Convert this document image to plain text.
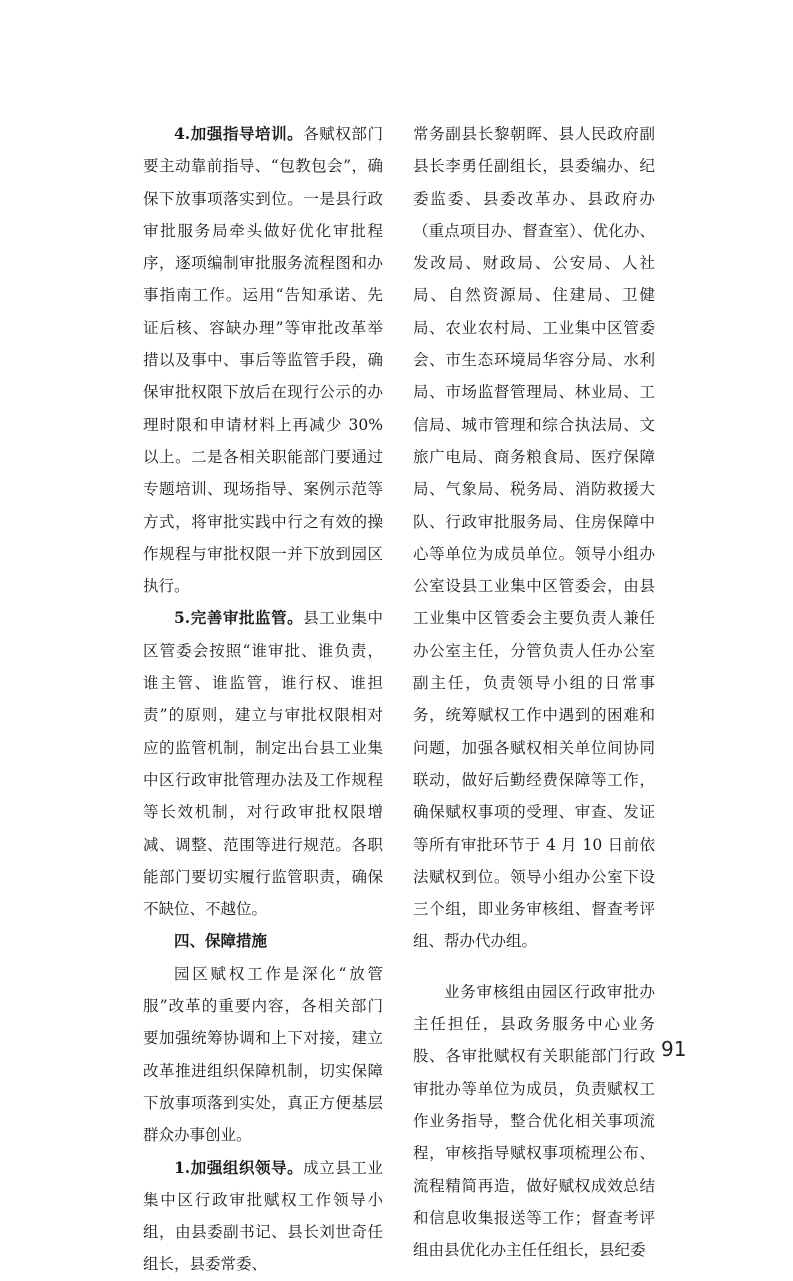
4.加强指导培训。各赋权部门要主动靠前指导、“包教包会”，确保下放事项落实到位。一是县行政审批服务局牵头做好优化审批程序，逐项编制审批服务流程图和办事指南工作。运用“告知承诺、先证后核、容缺办理”等审批改革举措以及事中、事后等监管手段，确保审批权限下放后在现行公示的办理时限和申请材料上再减少 30%以上。二是各相关职能部门要通过专题培训、现场指导、案例示范等方式，将审批实践中行之有效的操作规程与审批权限一并下放到园区执行。

5.完善审批监管。县工业集中区管委会按照“谁审批、谁负责，谁主管、谁监管，谁行权、谁担责”的原则，建立与审批权限相对应的监管机制，制定出台县工业集中区行政审批管理办法及工作规程等长效机制，对行政审批权限增减、调整、范围等进行规范。各职能部门要切实履行监管职责，确保不缺位、不越位。

四、保障措施

园区赋权工作是深化“放管服”改革的重要内容，各相关部门要加强统筹协调和上下对接，建立改革推进组织保障机制，切实保障下放事项落到实处，真正方便基层群众办事创业。

1.加强组织领导。成立县工业集中区行政审批赋权工作领导小组，由县委副书记、县长刘世奇任组长，县委常委、

常务副县长黎朝晖、县人民政府副县长李勇任副组长，县委编办、纪委监委、县委改革办、县政府办（重点项目办、督查室）、优化办、发改局、财政局、公安局、人社局、自然资源局、住建局、卫健局、农业农村局、工业集中区管委会、市生态环境局华容分局、水利局、市场监督管理局、林业局、工信局、城市管理和综合执法局、文旅广电局、商务粮食局、医疗保障局、气象局、税务局、消防救援大队、行政审批服务局、住房保障中心等单位为成员单位。领导小组办公室设县工业集中区管委会，由县工业集中区管委会主要负责人兼任办公室主任，分管负责人任办公室副主任，负责领导小组的日常事务，统筹赋权工作中遇到的困难和问题，加强各赋权相关单位间协同联动，做好后勤经费保障等工作，确保赋权事项的受理、审查、发证等所有审批环节于 4 月 10 日前依法赋权到位。领导小组办公室下设三个组，即业务审核组、督查考评组、帮办代办组。

业务审核组由园区行政审批办主任担任，县政务服务中心业务股、各审批赋权有关职能部门行政审批办等单位为成员，负责赋权工作业务指导，整合优化相关事项流程，审核指导赋权事项梳理公布、流程精简再造，做好赋权成效总结和信息收集报送等工作；督查考评组由县优化办主任任组长，县纪委

91
